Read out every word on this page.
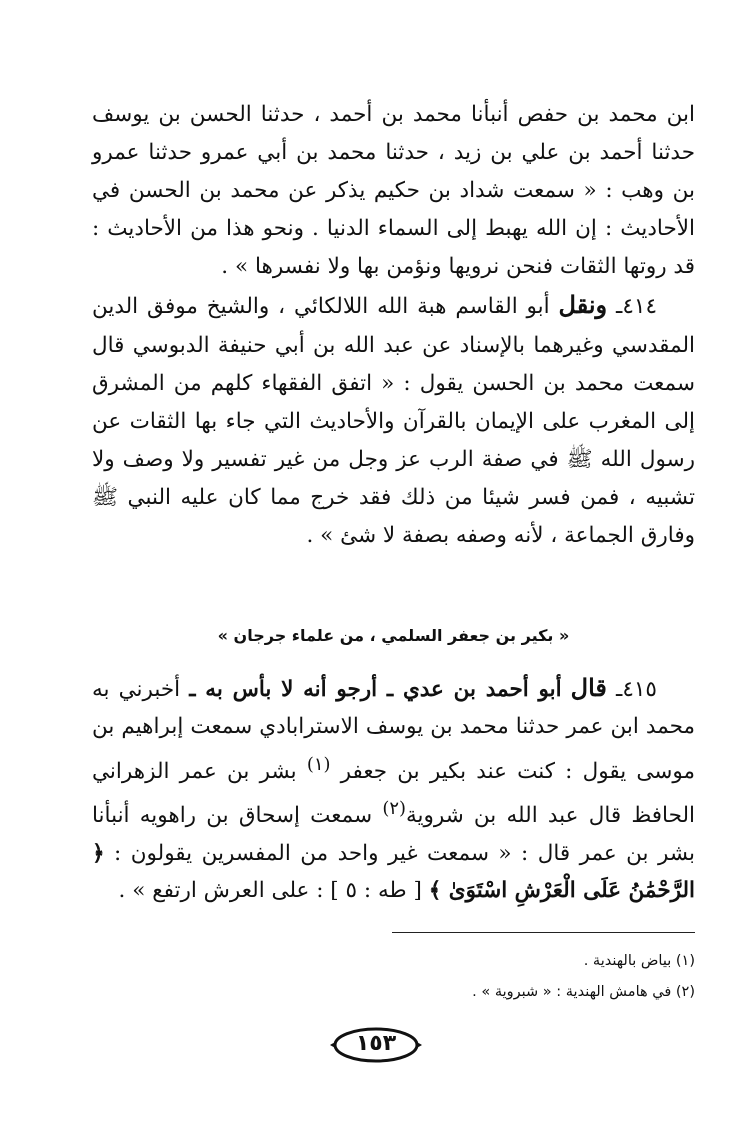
ابن محمد بن حفص أنبأنا محمد بن أحمد ، حدثنا الحسن بن يوسف حدثنا أحمد بن علي بن زيد ، حدثنا محمد بن أبي عمرو حدثنا عمرو بن وهب : « سمعت شداد بن حكيم يذكر عن محمد بن الحسن في الأحاديث : إن الله يهبط إلى السماء الدنيا . ونحو هذا من الأحاديث : قد روتها الثقات فنحن نرويها ونؤمن بها ولا نفسرها » .

٤١٤ـ ونقل أبو القاسم هبة الله اللالكائي ، والشيخ موفق الدين المقدسي وغيرهما بالإسناد عن عبد الله بن أبي حنيفة الدبوسي قال سمعت محمد بن الحسن يقول : « اتفق الفقهاء كلهم من المشرق إلى المغرب على الإيمان بالقرآن والأحاديث التي جاء بها الثقات عن رسول الله ﷺ في صفة الرب عز وجل من غير تفسير ولا وصف ولا تشبيه ، فمن فسر شيئا من ذلك فقد خرج مما كان عليه النبي ﷺ وفارق الجماعة ، لأنه وصفه بصفة لا شئ » .

« بكير بن جعفر السلمي ، من علماء جرجان »

٤١٥ـ قال أبو أحمد بن عدي ـ أرجو أنه لا بأس به ـ أخبرني به محمد ابن عمر حدثنا محمد بن يوسف الاسترابادي سمعت إبراهيم بن موسى يقول : كنت عند بكير بن جعفر $^{(١)}$ بشر بن عمر الزهراني الحافظ قال عبد الله بن شروية$^{(٢)}$ سمعت إسحاق بن راهويه أنبأنا بشر بن عمر قال : « سمعت غير واحد من المفسرين يقولون : ﴿ الرَّحْمَٰنُ عَلَى الْعَرْشِ اسْتَوَىٰ ﴾ [ طه : ٥ ] : على العرش ارتفع » .

(١) بياض بالهندية .

(٢) في هامش الهندية : « شبروية » .

١٥٣
